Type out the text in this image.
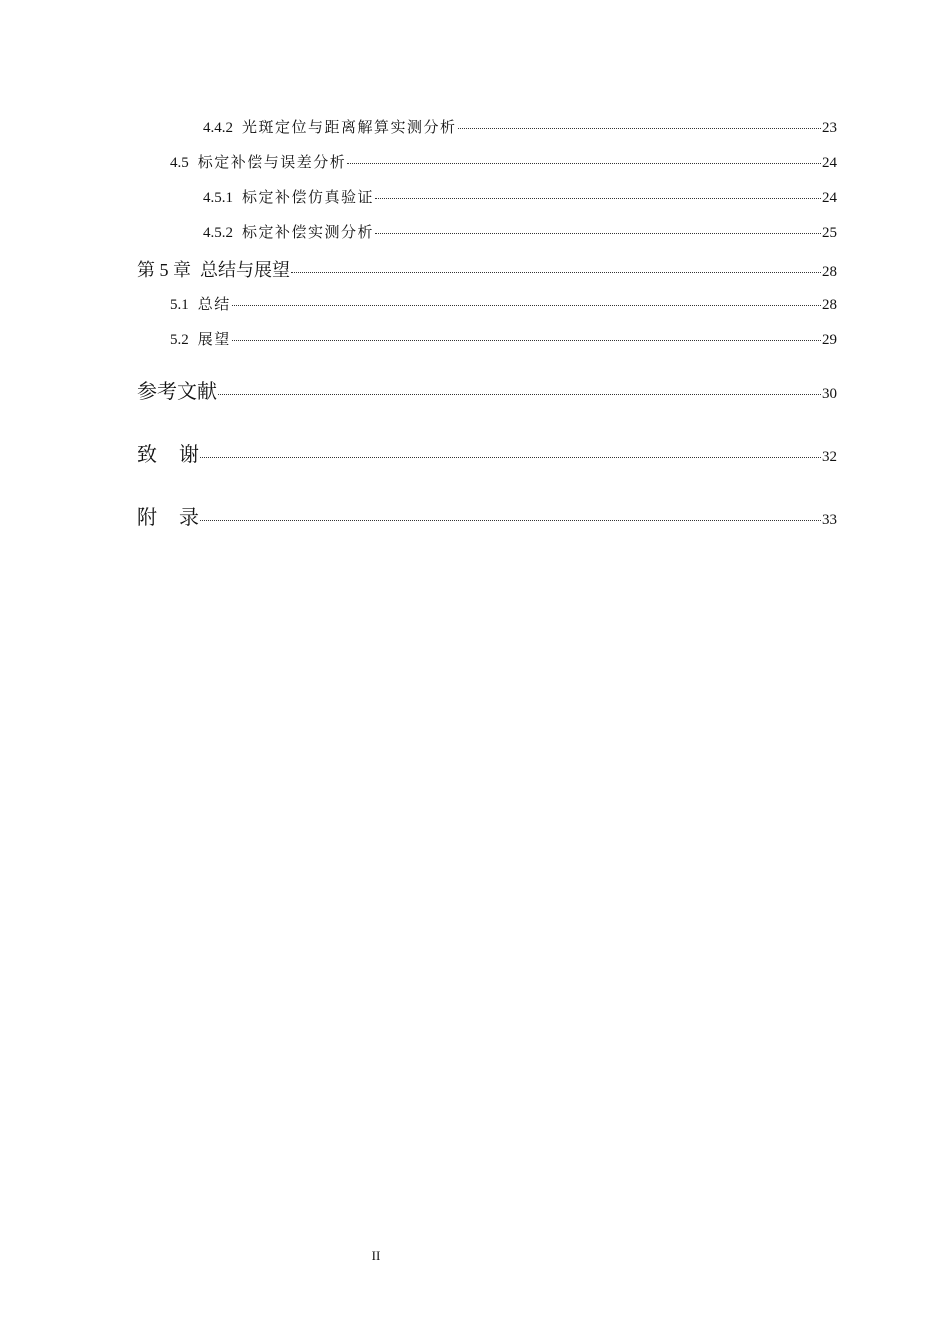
4.4.2 光斑定位与距离解算实测分析	23
4.5 标定补偿与误差分析	24
4.5.1 标定补偿仿真验证	24
4.5.2 标定补偿实测分析	25
第 5 章 总结与展望	28
5.1 总结	28
5.2 展望	29
参考文献	30
致谢	32
附录	33
II
